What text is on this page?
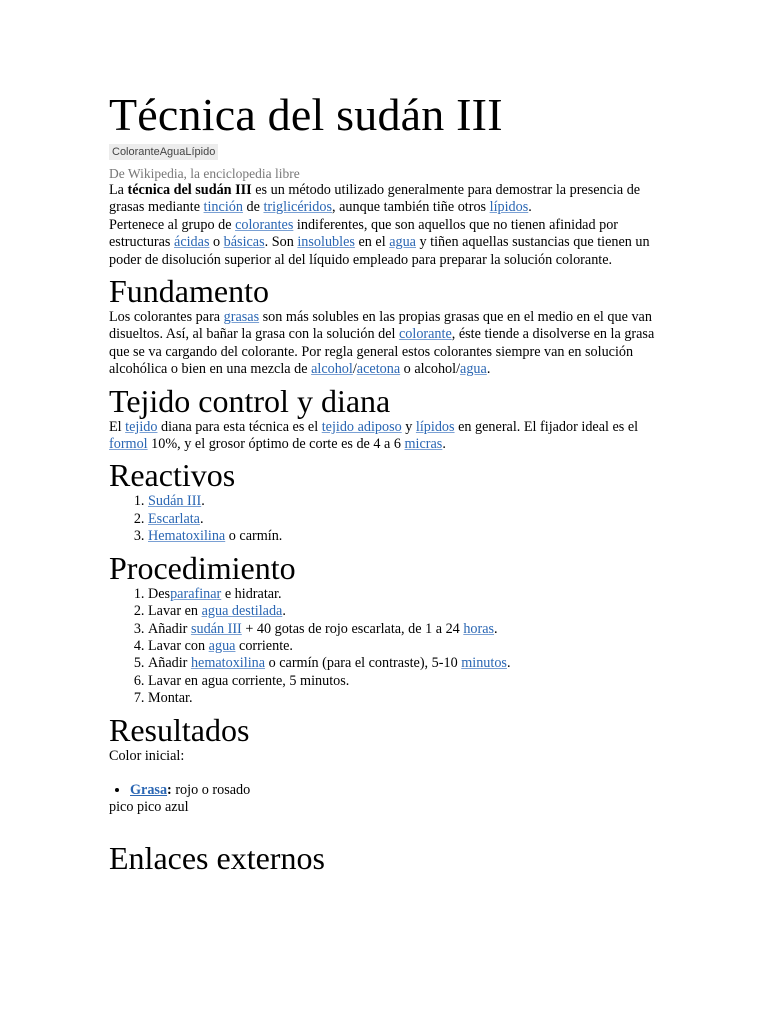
Técnica del sudán III
ColoranteAguaLípido
De Wikipedia, la enciclopedia libre

La técnica del sudán III es un método utilizado generalmente para demostrar la presencia de grasas mediante tinción de triglicéridos, aunque también tiñe otros lípidos.

Pertenece al grupo de colorantes indiferentes, que son aquellos que no tienen afinidad por estructuras ácidas o básicas. Son insolubles en el agua y tiñen aquellas sustancias que tienen un poder de disolución superior al del líquido empleado para preparar la solución colorante.

Fundamento

Los colorantes para grasas son más solubles en las propias grasas que en el medio en el que van disueltos. Así, al bañar la grasa con la solución del colorante, éste tiende a disolverse en la grasa que se va cargando del colorante. Por regla general estos colorantes siempre van en solución alcohólica o bien en una mezcla de alcohol/acetona o alcohol/agua.

Tejido control y diana

El tejido diana para esta técnica es el tejido adiposo y lípidos en general. El fijador ideal es el formol 10%, y el grosor óptimo de corte es de 4 a 6 micras.

Reactivos
1. Sudán III.
2. Escarlata.
3. Hematoxilina o carmín.
Procedimiento
1. Desparafinar e hidratar.
2. Lavar en agua destilada.
3. Añadir sudán III + 40 gotas de rojo escarlata, de 1 a 24 horas.
4. Lavar con agua corriente.
5. Añadir hematoxilina o carmín (para el contraste), 5-10 minutos.
6. Lavar en agua corriente, 5 minutos.
7. Montar.
Resultados

Color inicial:

• Grasa: rojo o rosado

pico pico azul

Enlaces externos
